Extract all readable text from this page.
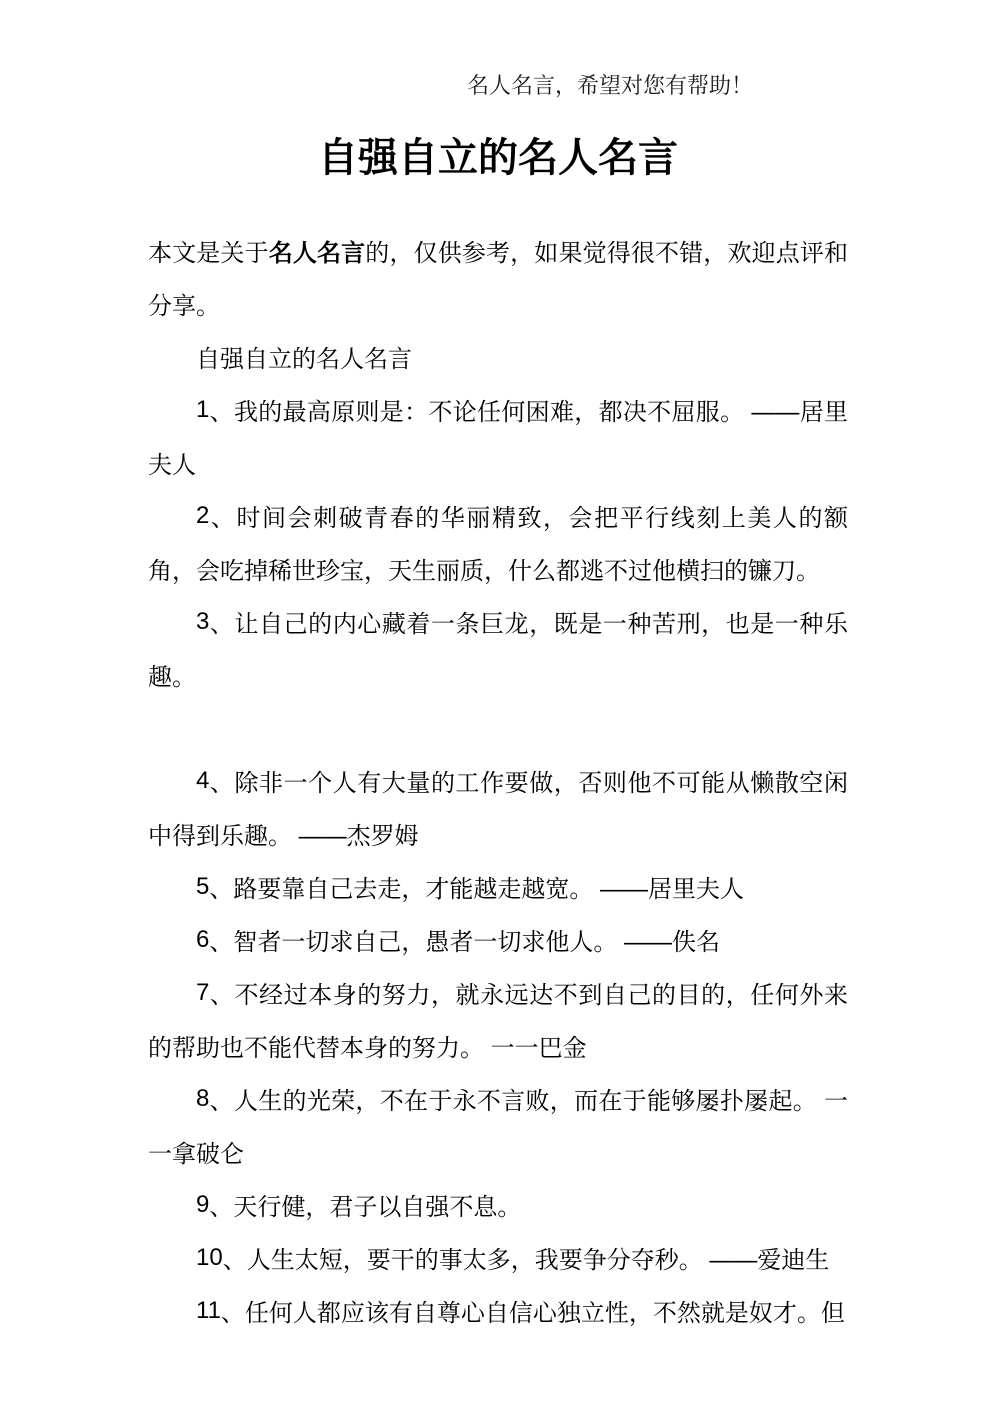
名人名言，希望对您有帮助！
自强自立的名人名言

本文是关于名人名言的，仅供参考，如果觉得很不错，欢迎点评和分享。

自强自立的名人名言

1、我的最高原则是：不论任何困难，都决不屈服。 ——居里夫人

2、时间会刺破青春的华丽精致，会把平行线刻上美人的额角，会吃掉稀世珍宝，天生丽质，什么都逃不过他横扫的镰刀。

3、让自己的内心藏着一条巨龙，既是一种苦刑，也是一种乐趣。

4、除非一个人有大量的工作要做，否则他不可能从懒散空闲中得到乐趣。 ——杰罗姆

5、路要靠自己去走，才能越走越宽。 ——居里夫人

6、智者一切求自己，愚者一切求他人。 ——佚名

7、不经过本身的努力，就永远达不到自己的目的，任何外来的帮助也不能代替本身的努力。 一一巴金

8、人生的光荣，不在于永不言败，而在于能够屡扑屡起。 一一拿破仑

9、天行健，君子以自强不息。

10、人生太短，要干的事太多，我要争分夺秒。 ——爱迪生

11、任何人都应该有自尊心自信心独立性，不然就是奴才。但
